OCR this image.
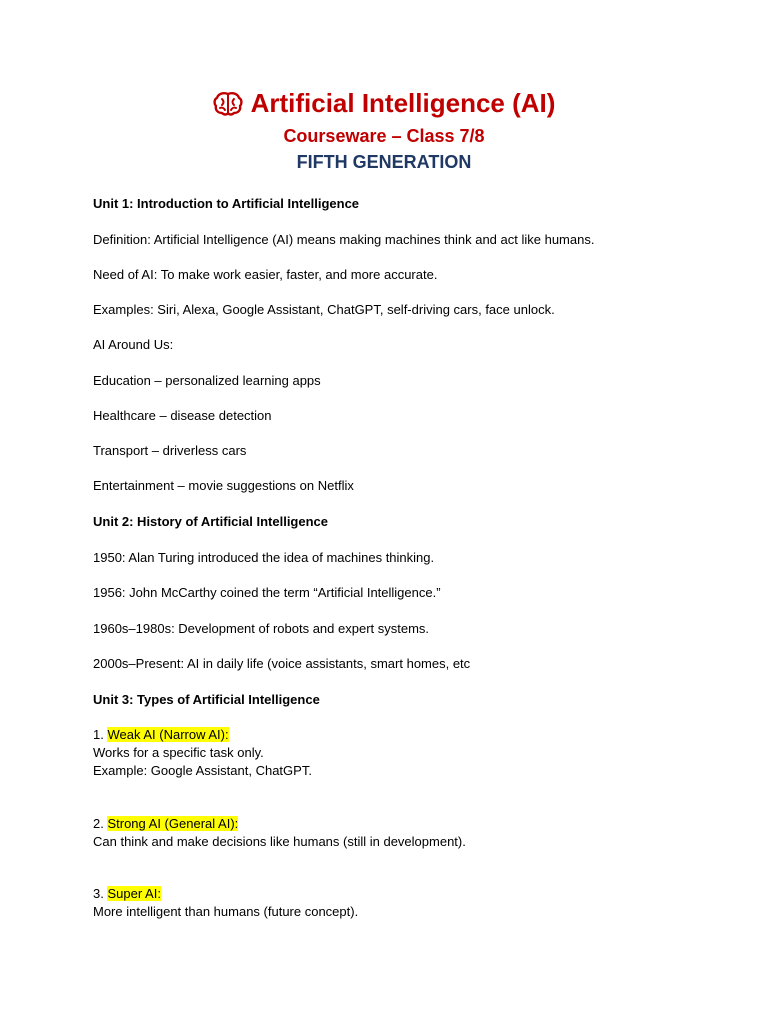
Artificial Intelligence (AI)
Courseware – Class 7/8
FIFTH GENERATION
Unit 1: Introduction to Artificial Intelligence
Definition: Artificial Intelligence (AI) means making machines think and act like humans.
Need of AI: To make work easier, faster, and more accurate.
Examples: Siri, Alexa, Google Assistant, ChatGPT, self-driving cars, face unlock.
AI Around Us:
Education – personalized learning apps
Healthcare – disease detection
Transport – driverless cars
Entertainment – movie suggestions on Netflix
Unit 2: History of Artificial Intelligence
1950: Alan Turing introduced the idea of machines thinking.
1956: John McCarthy coined the term “Artificial Intelligence.”
1960s–1980s: Development of robots and expert systems.
2000s–Present: AI in daily life (voice assistants, smart homes, etc
Unit 3: Types of Artificial Intelligence
1. Weak AI (Narrow AI):
Works for a specific task only.
Example: Google Assistant, ChatGPT.
2. Strong AI (General AI):
Can think and make decisions like humans (still in development).
3. Super AI:
More intelligent than humans (future concept).
